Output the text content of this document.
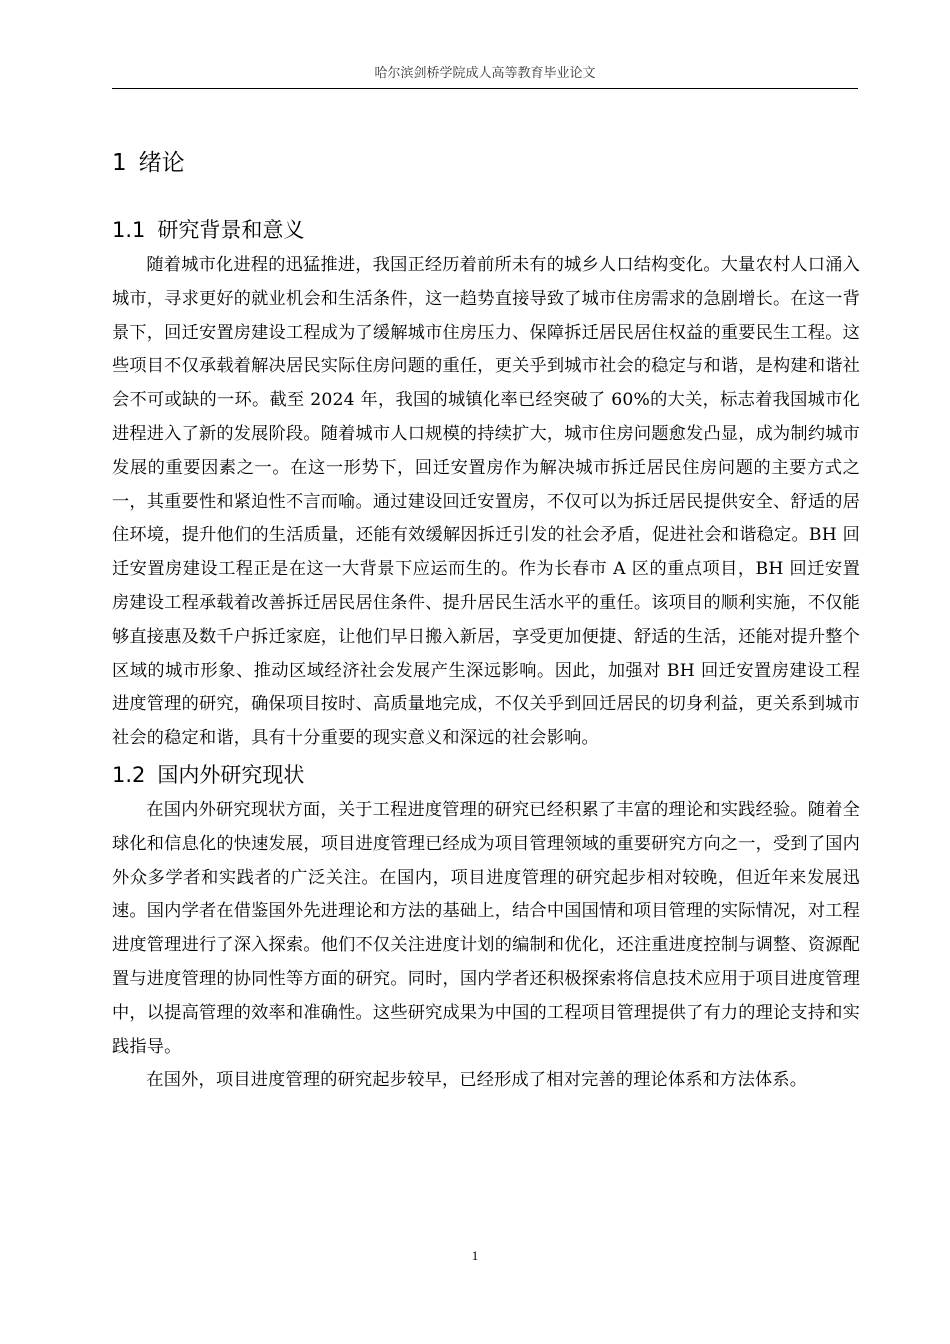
哈尔滨剑桥学院成人高等教育毕业论文
1 绪论
1.1 研究背景和意义

随着城市化进程的迅猛推进，我国正经历着前所未有的城乡人口结构变化。大量农村人口涌入城市，寻求更好的就业机会和生活条件，这一趋势直接导致了城市住房需求的急剧增长。在这一背景下，回迁安置房建设工程成为了缓解城市住房压力、保障拆迁居民居住权益的重要民生工程。这些项目不仅承载着解决居民实际住房问题的重任，更关乎到城市社会的稳定与和谐，是构建和谐社会不可或缺的一环。截至 2024 年，我国的城镇化率已经突破了 60%的大关，标志着我国城市化进程进入了新的发展阶段。随着城市人口规模的持续扩大，城市住房问题愈发凸显，成为制约城市发展的重要因素之一。在这一形势下，回迁安置房作为解决城市拆迁居民住房问题的主要方式之一，其重要性和紧迫性不言而喻。通过建设回迁安置房，不仅可以为拆迁居民提供安全、舒适的居住环境，提升他们的生活质量，还能有效缓解因拆迁引发的社会矛盾，促进社会和谐稳定。BH 回迁安置房建设工程正是在这一大背景下应运而生的。作为长春市 A 区的重点项目，BH 回迁安置房建设工程承载着改善拆迁居民居住条件、提升居民生活水平的重任。该项目的顺利实施，不仅能够直接惠及数千户拆迁家庭，让他们早日搬入新居，享受更加便捷、舒适的生活，还能对提升整个区域的城市形象、推动区域经济社会发展产生深远影响。因此，加强对 BH 回迁安置房建设工程进度管理的研究，确保项目按时、高质量地完成，不仅关乎到回迁居民的切身利益，更关系到城市社会的稳定和谐，具有十分重要的现实意义和深远的社会影响。

1.2 国内外研究现状

在国内外研究现状方面，关于工程进度管理的研究已经积累了丰富的理论和实践经验。随着全球化和信息化的快速发展，项目进度管理已经成为项目管理领域的重要研究方向之一，受到了国内外众多学者和实践者的广泛关注。在国内，项目进度管理的研究起步相对较晚，但近年来发展迅速。国内学者在借鉴国外先进理论和方法的基础上，结合中国国情和项目管理的实际情况，对工程进度管理进行了深入探索。他们不仅关注进度计划的编制和优化，还注重进度控制与调整、资源配置与进度管理的协同性等方面的研究。同时，国内学者还积极探索将信息技术应用于项目进度管理中，以提高管理的效率和准确性。这些研究成果为中国的工程项目管理提供了有力的理论支持和实践指导。

在国外，项目进度管理的研究起步较早，已经形成了相对完善的理论体系和方法体系。

1
